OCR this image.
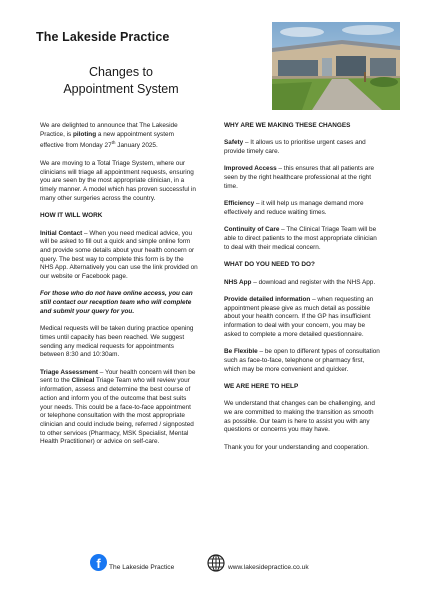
The Lakeside Practice
Changes to
Appointment System

We are delighted to announce that The Lakeside Practice, is piloting a new appointment system effective from Monday 27th January 2025.

We are moving to a Total Triage System, where our clinicians will triage all appointment requests, ensuring you are seen by the most appropriate clinician, in a timely manner. A model which has proven successful in many other surgeries across the country.

HOW IT WILL WORK

Initial Contact – When you need medical advice, you will be asked to fill out a quick and simple online form and provide some details about your health concern or query. The best way to complete this form is by the NHS App. Alternatively you can use the link provided on our website or Facebook page.

For those who do not have online access, you can still contact our reception team who will complete and submit your query for you.

Medical requests will be taken during practice opening times until capacity has been reached. We suggest sending any medical requests for appointments between 8:30 and 10:30am.

Triage Assessment – Your health concern will then be sent to the Clinical Triage Team who will review your information, assess and determine the best course of action and inform you of the outcome that best suits your needs. This could be a face-to-face appointment or telephone consultation with the most appropriate clinician and could include being, referred / signposted to other services (Pharmacy, MSK Specialist, Mental Health Practitioner) or advice on self-care.

WHY ARE WE MAKING THESE CHANGES

Safety – It allows us to prioritise urgent cases and provide timely care.

Improved Access – this ensures that all patients are seen by the right healthcare professional at the right time.

Efficiency – it will help us manage demand more effectively and reduce waiting times.

Continuity of Care – The Clinical Triage Team will be able to direct patients to the most appropriate clinician to deal with their medical concern.

WHAT DO YOU NEED TO DO?

NHS App – download and register with the NHS App.

Provide detailed information – when requesting an appointment please give as much detail as possible about your health concern. If the GP has insufficient information to deal with your concern, you may be asked to complete a more detailed questionnaire.

Be Flexible – be open to different types of consultation such as face-to-face, telephone or pharmacy first, which may be more convenient and quicker.

WE ARE HERE TO HELP

We understand that changes can be challenging, and we are committed to making the transition as smooth as possible. Our team is here to assist you with any questions or concerns you may have.

Thank you for your understanding and cooperation.

f	The Lakeside Practice	www.lakesidepractice.co.uk
